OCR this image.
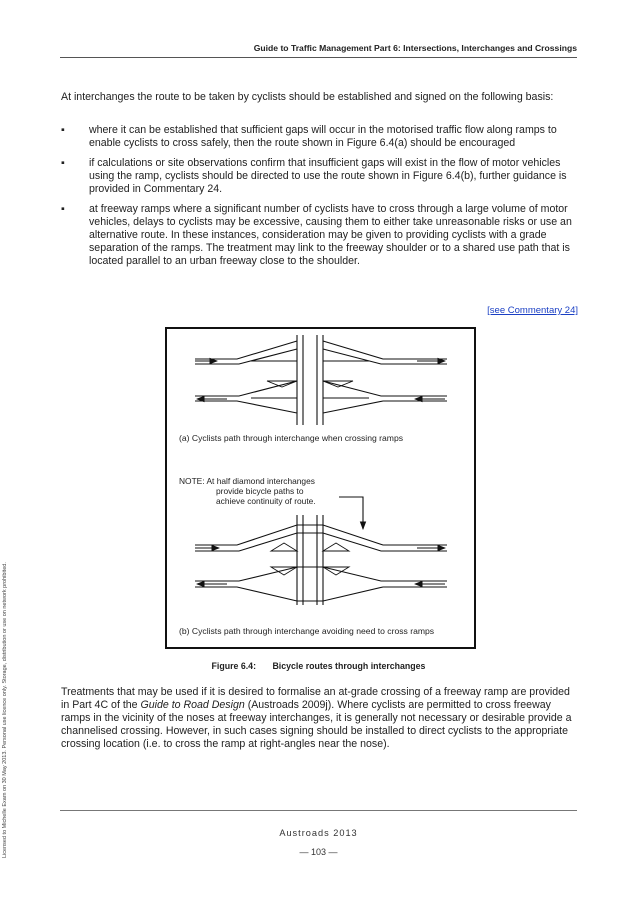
Guide to Traffic Management Part 6: Intersections, Interchanges and Crossings
Licensed to Michelle Exam on 30 May 2013. Personal use licence only. Storage, distribution or use on network prohibited.
At interchanges the route to be taken by cyclists should be established and signed on the following basis:
▪ where it can be established that sufficient gaps will occur in the motorised traffic flow along ramps to enable cyclists to cross safely, then the route shown in Figure 6.4(a) should be encouraged
▪ if calculations or site observations confirm that insufficient gaps will exist in the flow of motor vehicles using the ramp, cyclists should be directed to use the route shown in Figure 6.4(b), further guidance is provided in Commentary 24.
▪ at freeway ramps where a significant number of cyclists have to cross through a large volume of motor vehicles, delays to cyclists may be excessive, causing them to either take unreasonable risks or use an alternative route. In these instances, consideration may be given to providing cyclists with a grade separation of the ramps. The treatment may link to the freeway shoulder or to a shared use path that is located parallel to an urban freeway close to the shoulder.
[see Commentary 24]
(a) Cyclists path through interchange when crossing ramps
NOTE: At half diamond interchanges
provide bicycle paths to
achieve continuity of route.
(b) Cyclists path through interchange avoiding need to cross ramps
Figure 6.4: Bicycle routes through interchanges
Treatments that may be used if it is desired to formalise an at-grade crossing of a freeway ramp are provided in Part 4C of the Guide to Road Design (Austroads 2009j). Where cyclists are permitted to cross freeway ramps in the vicinity of the noses at freeway interchanges, it is generally not necessary or desirable provide a channelised crossing. However, in such cases signing should be installed to direct cyclists to the appropriate crossing location (i.e. to cross the ramp at right-angles near the nose).
Austroads 2013
— 103 —
